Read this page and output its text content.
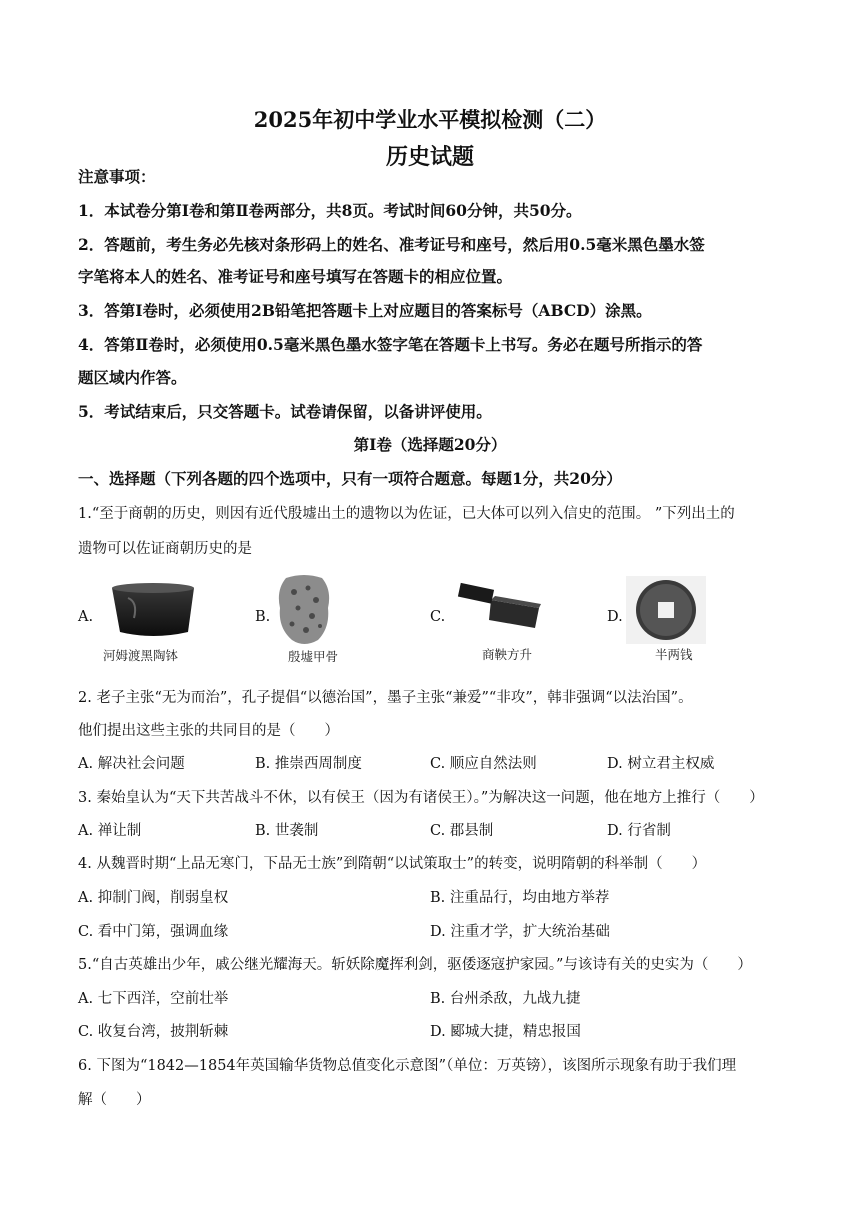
2025年初中学业水平模拟检测（二）
历史试题
注意事项：
1．本试卷分第Ⅰ卷和第Ⅱ卷两部分，共8页。考试时间60分钟，共50分。
2．答题前，考生务必先核对条形码上的姓名、准考证号和座号，然后用0.5毫米黑色墨水签
字笔将本人的姓名、准考证号和座号填写在答题卡的相应位置。
3．答第Ⅰ卷时，必须使用2B铅笔把答题卡上对应题目的答案标号（ABCD）涂黑。
4．答第Ⅱ卷时，必须使用0.5毫米黑色墨水签字笔在答题卡上书写。务必在题号所指示的答
题区域内作答。
5．考试结束后，只交答题卡。试卷请保留，以备讲评使用。
第Ⅰ卷（选择题20分）
一、选择题（下列各题的四个选项中，只有一项符合题意。每题1分，共20分）
1.“至于商朝的历史，则因有近代殷墟出土的遗物以为佐证，已大体可以列入信史的范围。 ”下列出土的
遗物可以佐证商朝历史的是
A.
河姆渡黑陶钵
B.
殷墟甲骨
C.
商鞅方升
D.
半两钱
2. 老子主张“无为而治”，孔子提倡“以德治国”，墨子主张“兼爱”“非攻”，韩非强调“以法治国”。
他们提出这些主张的共同目的是（　　）
A. 解决社会问题	B. 推崇西周制度	C. 顺应自然法则	D. 树立君主权威
3. 秦始皇认为“天下共苦战斗不休，以有侯王（因为有诸侯王）。”为解决这一问题，他在地方上推行（　　）
A. 禅让制	B. 世袭制	C. 郡县制	D. 行省制
4. 从魏晋时期“上品无寒门，下品无士族”到隋朝“以试策取士”的转变，说明隋朝的科举制（　　）
A. 抑制门阀，削弱皇权	B. 注重品行，均由地方举荐
C. 看中门第，强调血缘	D. 注重才学，扩大统治基础
5.“自古英雄出少年，戚公继光耀海天。斩妖除魔挥利剑，驱倭逐寇护家园。”与该诗有关的史实为（　　）
A. 七下西洋，空前壮举	B. 台州杀敌，九战九捷
C. 收复台湾，披荆斩棘	D. 郾城大捷，精忠报国
6. 下图为“1842—1854年英国输华货物总值变化示意图”（单位：万英镑），该图所示现象有助于我们理
解（　　）
